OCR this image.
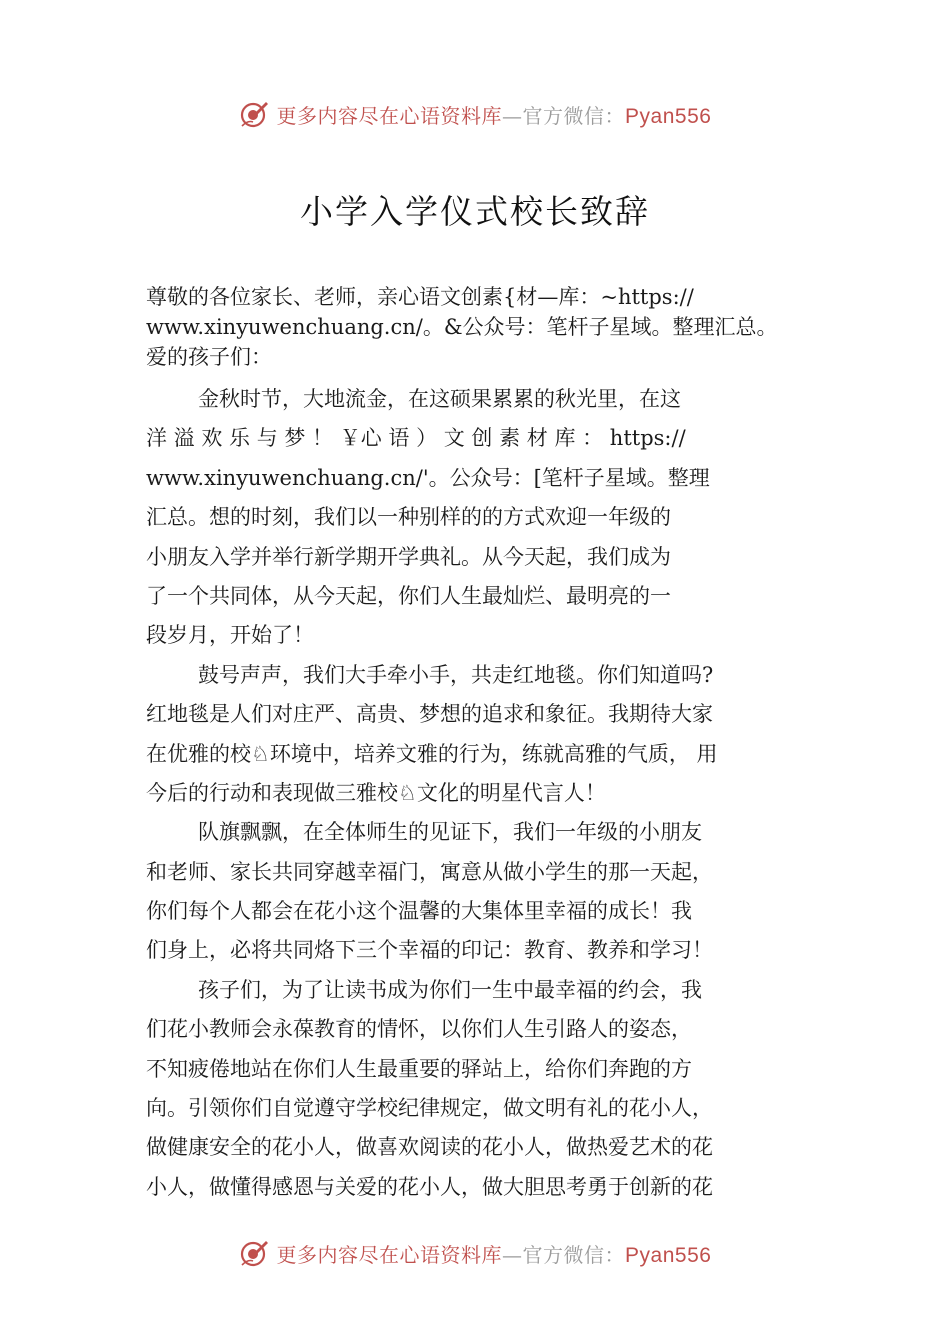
更多内容尽在心语资料库—官方微信：Pyan556
小学入学仪式校长致辞
尊敬的各位家长、老师，亲心语文创素{材—库：~https://
www.xinyuwenchuang.cn/。&公众号：笔杆子星域。整理汇总。
爱的孩子们：
金秋时节，大地流金，在这硕果累累的秋光里，在这
洋 溢 欢 乐 与 梦 ！ ￥心 语 ） 文 创 素 材 库 ： https://
www.xinyuwenchuang.cn/'。公众号：[笔杆子星域。整理
汇总。想的时刻，我们以一种别样的的方式欢迎一年级的
小朋友入学并举行新学期开学典礼。从今天起，我们成为
了一个共同体，从今天起，你们人生最灿烂、最明亮的一
段岁月，开始了！
鼓号声声，我们大手牵小手，共走红地毯。你们知道吗?
红地毯是人们对庄严、高贵、梦想的追求和象征。我期待大家
在优雅的校♘环境中，培养文雅的行为，练就高雅的气质， 用
今后的行动和表现做三雅校♘文化的明星代言人！
队旗飘飘，在全体师生的见证下，我们一年级的小朋友
和老师、家长共同穿越幸福门，寓意从做小学生的那一天起，
你们每个人都会在花小这个温馨的大集体里幸福的成长！我
们身上，必将共同烙下三个幸福的印记：教育、教养和学习！
孩子们，为了让读书成为你们一生中最幸福的约会，我
们花小教师会永葆教育的情怀，以你们人生引路人的姿态，
不知疲倦地站在你们人生最重要的驿站上，给你们奔跑的方
向。引领你们自觉遵守学校纪律规定，做文明有礼的花小人，
做健康安全的花小人，做喜欢阅读的花小人，做热爱艺术的花
小人，做懂得感恩与关爱的花小人，做大胆思考勇于创新的花
更多内容尽在心语资料库—官方微信：Pyan556
